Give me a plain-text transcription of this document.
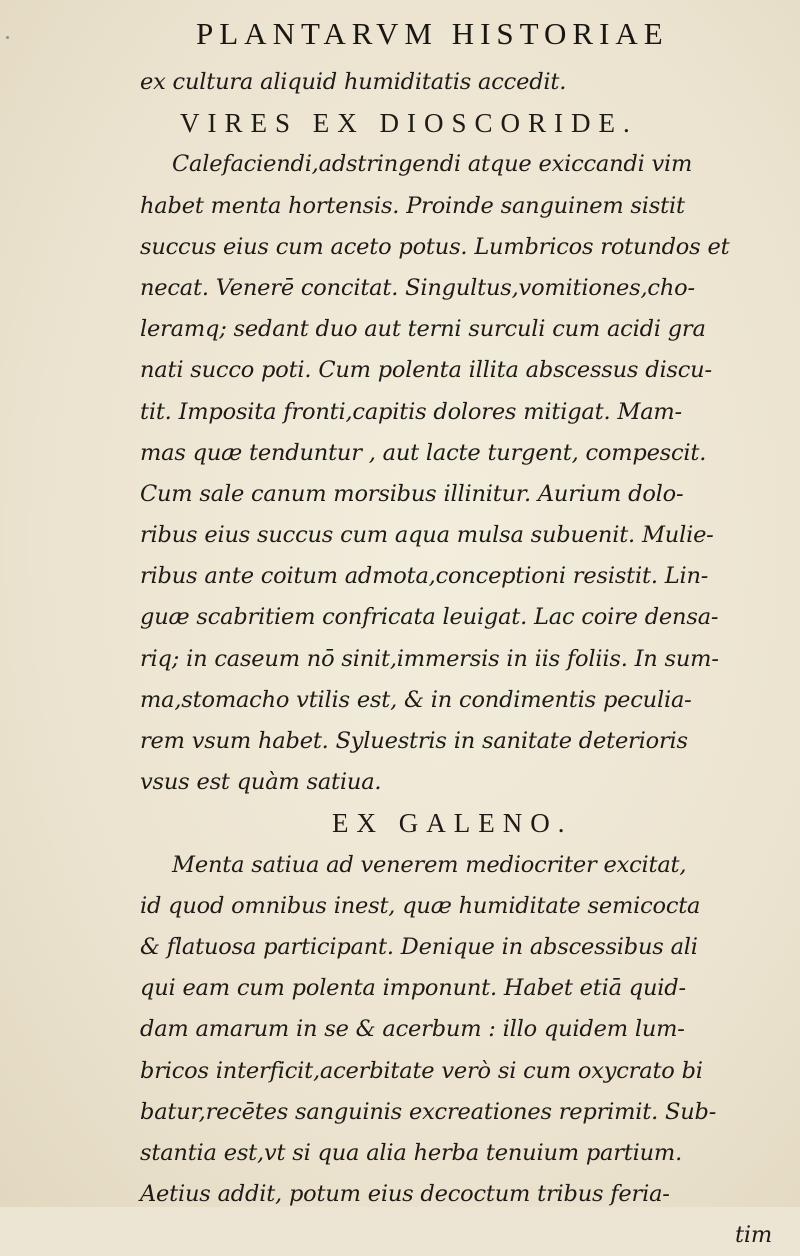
PLANTARVM HISTORIAE
ex cultura aliquid humiditatis accedit.
VIRES EX DIOSCORIDE.
Calefaciendi,adstringendi atque exiccandi vim
habet menta hortensis. Proinde sanguinem sistit
succus eius cum aceto potus. Lumbricos rotundos et
necat. Venerē concitat. Singultus,vomitiones,cho-
leramq; sedant duo aut terni surculi cum acidi gra
nati succo poti. Cum polenta illita abscessus discu-
tit. Imposita fronti,capitis dolores mitigat. Mam-
mas quæ tenduntur , aut lacte turgent, compescit.
Cum sale canum morsibus illinitur. Aurium dolo-
ribus eius succus cum aqua mulsa subuenit. Mulie-
ribus ante coitum admota,conceptioni resistit. Lin-
guæ scabritiem confricata leuigat. Lac coire densa-
riq; in caseum nō sinit,immersis in iis foliis. In sum-
ma,stomacho vtilis est, & in condimentis peculia-
rem vsum habet. Syluestris in sanitate deterioris
vsus est quàm satiua.
EX GALENO.
Menta satiua ad venerem mediocriter excitat,
id quod omnibus inest, quæ humiditate semicocta
& flatuosa participant. Denique in abscessibus ali
qui eam cum polenta imponunt. Habet etiā quid-
dam amarum in se & acerbum : illo quidem lum-
bricos interficit,acerbitate verò si cum oxycrato bi
batur,recētes sanguinis excreationes reprimit. Sub-
stantia est,vt si qua alia herba tenuium partium.
Aetius addit, potum eius decoctum tribus feria-
tim
